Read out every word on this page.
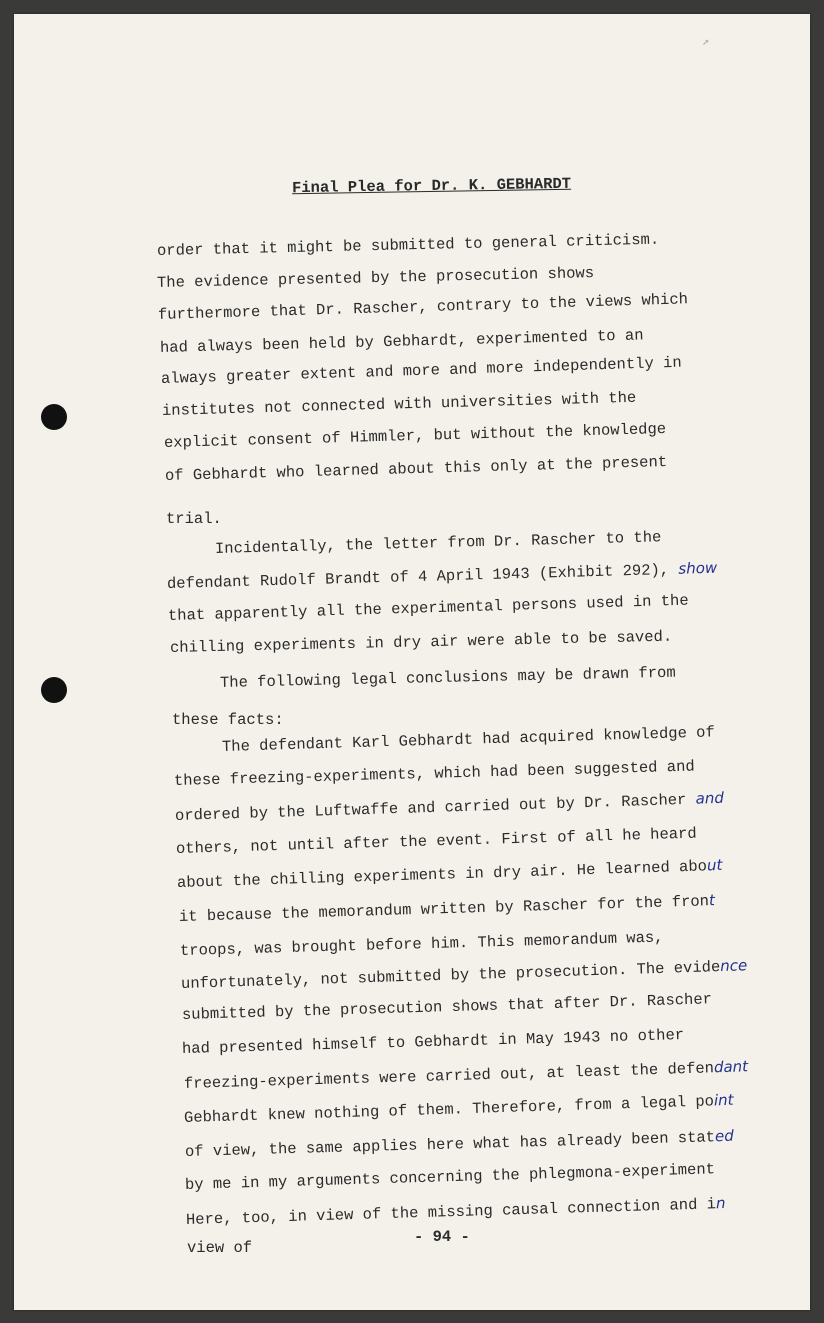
↗
Final Plea for Dr. K. GEBHARDT
order that it might be submitted to general criticism.
The evidence presented by the prosecution shows
furthermore that Dr. Rascher, contrary to the views which
had always been held by Gebhardt, experimented to an
always greater extent and more and more independently in
institutes not connected with universities with the
explicit consent of Himmler, but without the knowledge
of Gebhardt who learned about this only at the present
trial.
Incidentally, the letter from Dr. Rascher to the
defendant Rudolf Brandt of 4 April 1943 (Exhibit 292), show
that apparently all the experimental persons used in the
chilling experiments in dry air were able to be saved.
The following legal conclusions may be drawn from
these facts:
The defendant Karl Gebhardt had acquired knowledge of
these freezing-experiments, which had been suggested and
ordered by the Luftwaffe and carried out by Dr. Rascher and
others, not until after the event. First of all he heard
about the chilling experiments in dry air. He learned about
it because the memorandum written by Rascher for the front
troops, was brought before him. This memorandum was,
unfortunately, not submitted by the prosecution. The evidence
submitted by the prosecution shows that after Dr. Rascher
had presented himself to Gebhardt in May 1943 no other
freezing-experiments were carried out, at least the defendant
Gebhardt knew nothing of them. Therefore, from a legal point
of view, the same applies here what has already been stated
by me in my arguments concerning the phlegmona-experiment
Here, too, in view of the missing causal connection and in
view of
- 94 -
